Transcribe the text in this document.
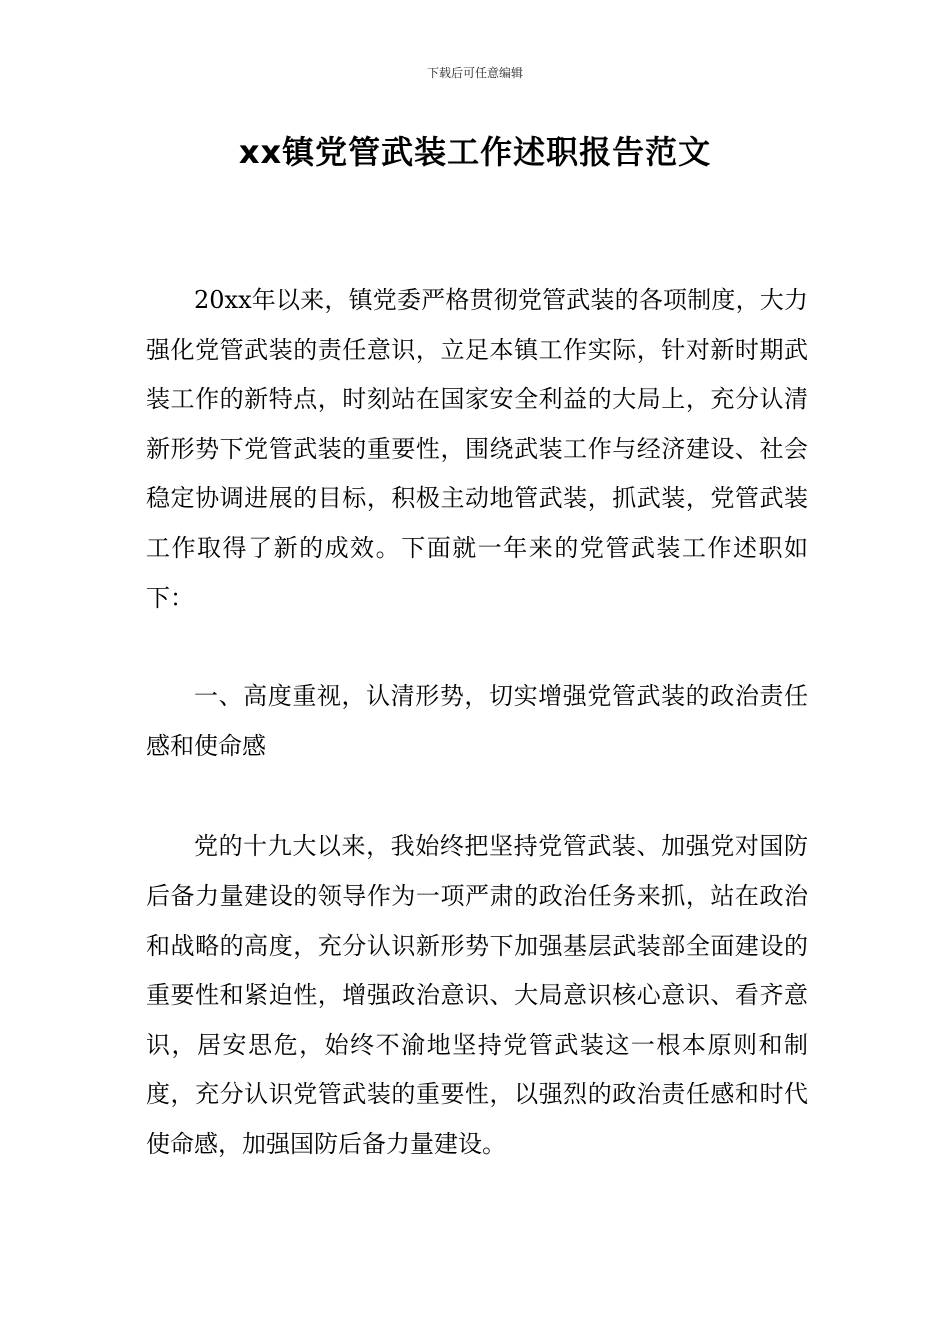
下载后可任意编辑
xx镇党管武装工作述职报告范文

20xx年以来，镇党委严格贯彻党管武装的各项制度，大力强化党管武装的责任意识，立足本镇工作实际，针对新时期武装工作的新特点，时刻站在国家安全利益的大局上，充分认清新形势下党管武装的重要性，围绕武装工作与经济建设、社会稳定协调进展的目标，积极主动地管武装，抓武装，党管武装工作取得了新的成效。下面就一年来的党管武装工作述职如下：

一、高度重视，认清形势，切实增强党管武装的政治责任感和使命感

党的十九大以来，我始终把坚持党管武装、加强党对国防后备力量建设的领导作为一项严肃的政治任务来抓，站在政治和战略的高度，充分认识新形势下加强基层武装部全面建设的重要性和紧迫性，增强政治意识、大局意识核心意识、看齐意识，居安思危，始终不渝地坚持党管武装这一根本原则和制度，充分认识党管武装的重要性，以强烈的政治责任感和时代使命感，加强国防后备力量建设。
